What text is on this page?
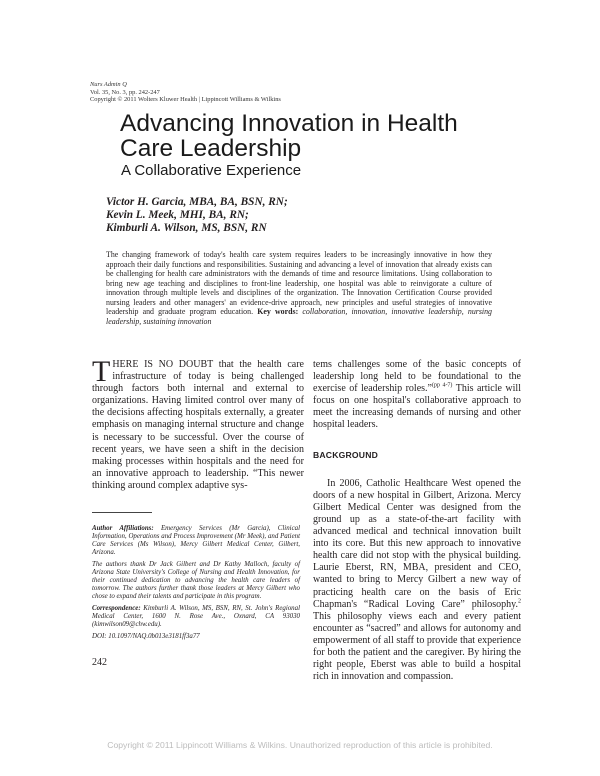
Nurs Admin Q
Vol. 35, No. 3, pp. 242-247
Copyright © 2011 Wolters Kluwer Health | Lippincott Williams & Wilkins
Advancing Innovation in Health Care Leadership
A Collaborative Experience
Victor H. Garcia, MBA, BA, BSN, RN;
Kevin L. Meek, MHI, BA, RN;
Kimburli A. Wilson, MS, BSN, RN
The changing framework of today's health care system requires leaders to be increasingly innovative in how they approach their daily functions and responsibilities. Sustaining and advancing a level of innovation that already exists can be challenging for health care administrators with the demands of time and resource limitations. Using collaboration to bring new age teaching and disciplines to front-line leadership, one hospital was able to reinvigorate a culture of innovation through multiple levels and disciplines of the organization. The Innovation Certification Course provided nursing leaders and other managers' an evidence-drive approach, new principles and useful strategies of innovative leadership and graduate program education. Key words: collaboration, innovation, innovative leadership, nursing leadership, sustaining innovation
THERE IS NO DOUBT that the health care infrastructure of today is being challenged through factors both internal and external to organizations. Having limited control over many of the decisions affecting hospitals externally, a greater emphasis on managing internal structure and change is necessary to be successful. Over the course of recent years, we have seen a shift in the decision making processes within hospitals and the need for an innovative approach to leadership. “This newer thinking around complex adaptive sys-

tems challenges some of the basic concepts of leadership long held to be foundational to the exercise of leadership roles.”$^{(pp 4-7)}$ This article will focus on one hospital's collaborative approach to meet the increasing demands of nursing and other hospital leaders.

BACKGROUND

In 2006, Catholic Healthcare West opened the doors of a new hospital in Gilbert, Arizona. Mercy Gilbert Medical Center was designed from the ground up as a state-of-the-art facility with advanced medical and technical innovation built into its core. But this new approach to innovative health care did not stop with the physical building. Laurie Eberst, RN, MBA, president and CEO, wanted to bring to Mercy Gilbert a new way of practicing health care on the basis of Eric Chapman's “Radical Loving Care” philosophy.$^2$ This philosophy views each and every patient encounter as “sacred” and allows for autonomy and empowerment of all staff to provide that experience for both the patient and the caregiver. By hiring the right people, Eberst was able to build a hospital rich in innovation and compassion.

Author Affiliations: Emergency Services (Mr Garcia), Clinical Information, Operations and Process Improvement (Mr Meek), and Patient Care Services (Ms Wilson), Mercy Gilbert Medical Center, Gilbert, Arizona.

The authors thank Dr Jack Gilbert and Dr Kathy Malloch, faculty of Arizona State University's College of Nursing and Health Innovation, for their continued dedication to advancing the health care leaders of tomorrow. The authors further thank those leaders at Mercy Gilbert who chose to expand their talents and participate in this program.

Correspondence: Kimburli A. Wilson, MS, BSN, RN, St. John's Regional Medical Center, 1600 N. Rose Ave., Oxnard, CA 93030 (kimwilson09@chw.edu).

DOI: 10.1097/NAQ.0b013e3181ff3a77

242
Copyright © 2011 Lippincott Williams & Wilkins. Unauthorized reproduction of this article is prohibited.
